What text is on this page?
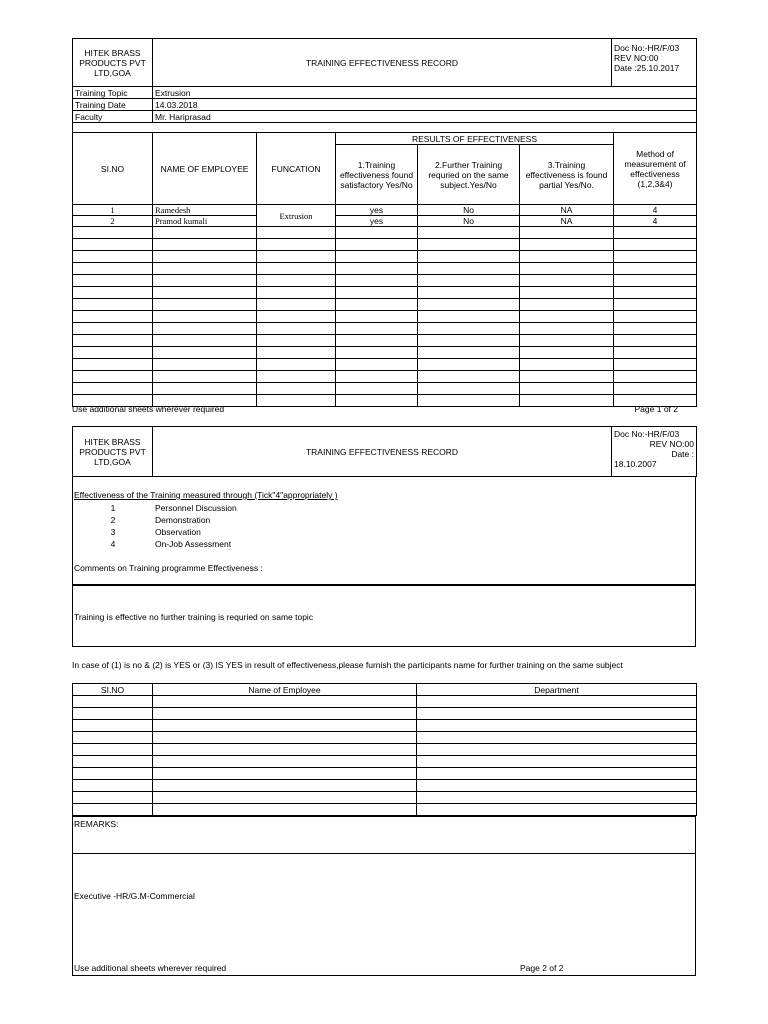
HITEK BRASS PRODUCTS PVT LTD,GOA	TRAINING EFFECTIVENESS RECORD	
Doc No:-HR/F/03
REV NO:00
Date :25.10.2017
Training Topic	Extrusion
Training Date	14.03.2018
Faculty	Mr. Hariprasad

SI.NO	NAME OF EMPLOYEE	FUNCATION	RESULTS OF EFFECTIVENESS			Method of measurement of effectiveness (1,2,3&4)
			1.Training effectiveness found satisfactory Yes/No	2.Further Training requried on the same subject.Yes/No	3.Training effectiveness is found partial Yes/No.	
1	Ramedesh	Extrusion	yes	No	NA	4
2	Pramod kumali		yes	No	NA	4

Use additional sheets wherever required	Page 1 of 2
HITEK BRASS PRODUCTS PVT LTD,GOA	TRAINING EFFECTIVENESS RECORD	
Doc No:-HR/F/03
REV NO:00
Date :
18.10.2007
Effectiveness of the Training measured through (Tick"4"appropriately )
1	Personnel Discussion
2	Demonstration
3	Observation
4	On-Job Assessment
Comments on Training programme Effectiveness :
Training is effective no further training is requried on same topic
In case of (1) is no & (2) is YES or (3) IS YES in result of effectiveness,please furnish the participants name for further training on the same subject
SI.NO	Name of Employee	Department

REMARKS:
Executive -HR/G.M-Commercial
Use additional sheets wherever required	Page 2 of 2
